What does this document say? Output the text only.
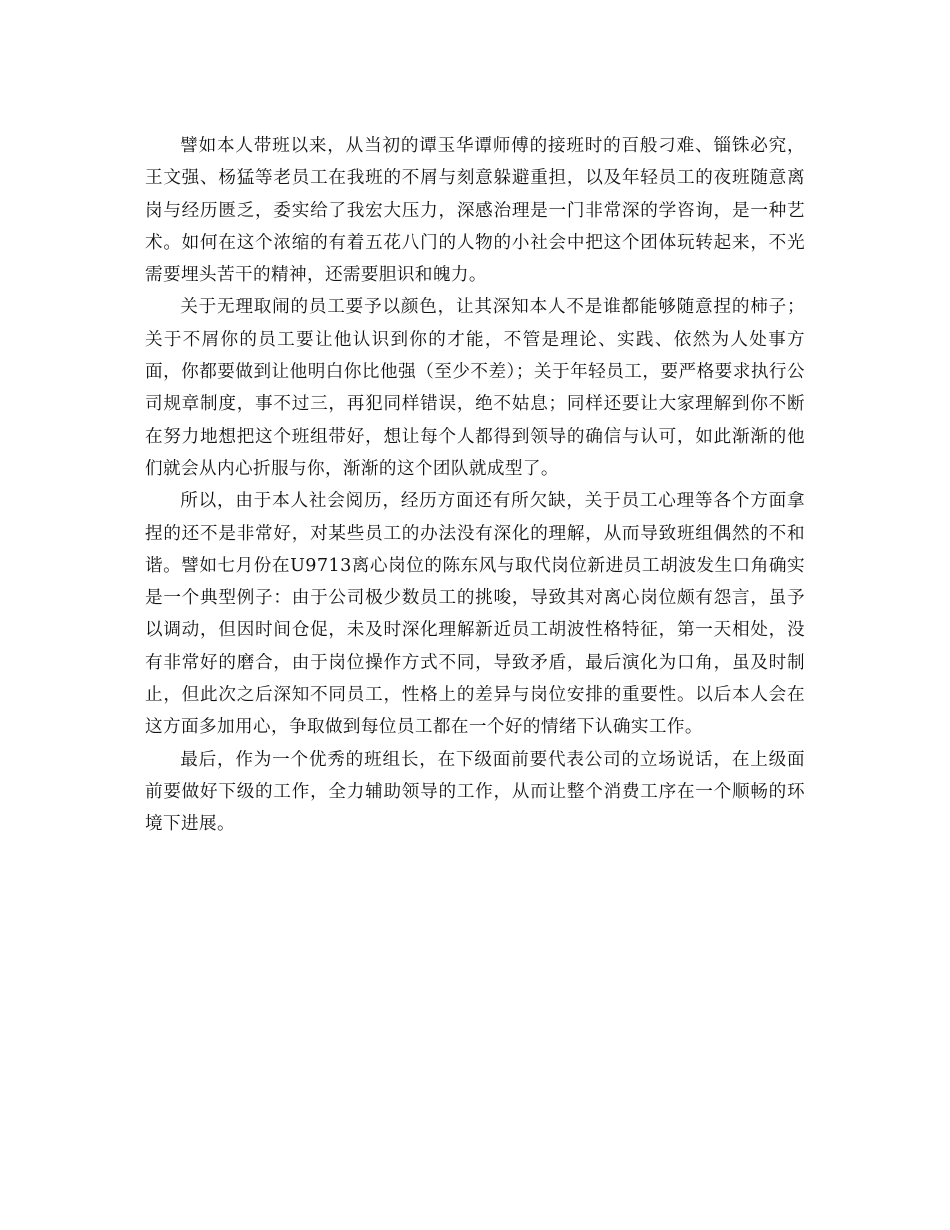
譬如本人带班以来，从当初的谭玉华谭师傅的接班时的百般刁难、锱铢必究，王文强、杨猛等老员工在我班的不屑与刻意躲避重担，以及年轻员工的夜班随意离岗与经历匮乏，委实给了我宏大压力，深感治理是一门非常深的学咨询，是一种艺术。如何在这个浓缩的有着五花八门的人物的小社会中把这个团体玩转起来，不光需要埋头苦干的精神，还需要胆识和魄力。

关于无理取闹的员工要予以颜色，让其深知本人不是谁都能够随意捏的柿子；关于不屑你的员工要让他认识到你的才能，不管是理论、实践、依然为人处事方面，你都要做到让他明白你比他强（至少不差）；关于年轻员工，要严格要求执行公司规章制度，事不过三，再犯同样错误，绝不姑息；同样还要让大家理解到你不断在努力地想把这个班组带好，想让每个人都得到领导的确信与认可，如此渐渐的他们就会从内心折服与你，渐渐的这个团队就成型了。

所以，由于本人社会阅历，经历方面还有所欠缺，关于员工心理等各个方面拿捏的还不是非常好，对某些员工的办法没有深化的理解，从而导致班组偶然的不和谐。譬如七月份在U9713离心岗位的陈东风与取代岗位新进员工胡波发生口角确实是一个典型例子：由于公司极少数员工的挑唆，导致其对离心岗位颇有怨言，虽予以调动，但因时间仓促，未及时深化理解新近员工胡波性格特征，第一天相处，没有非常好的磨合，由于岗位操作方式不同，导致矛盾，最后演化为口角，虽及时制止，但此次之后深知不同员工，性格上的差异与岗位安排的重要性。以后本人会在这方面多加用心，争取做到每位员工都在一个好的情绪下认确实工作。

最后，作为一个优秀的班组长，在下级面前要代表公司的立场说话，在上级面前要做好下级的工作，全力辅助领导的工作，从而让整个消费工序在一个顺畅的环境下进展。
